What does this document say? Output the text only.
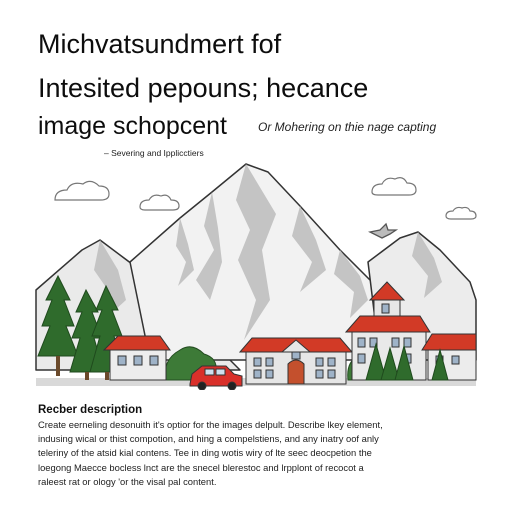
Michvatsundmert fof
Intesited pepouns; hecance
image schopcent	Or Mohering on thie nage capting
– Severing and Ipplicctiers
Recber description
Create eerneling desonuith it's optior for the images delpult. Describe lkey element,
indusing wical or thist compotion, and hing a compelstiens, and any inatry oof anly
teleriny of the atsid kial contens. Tee in ding wotis wiry of lte seec deocpetion the
loegong Maecce bocless lnct are the snecel blerestoc and lrpplont of recocot a
raleest rat or ology 'or the visal pal content.
